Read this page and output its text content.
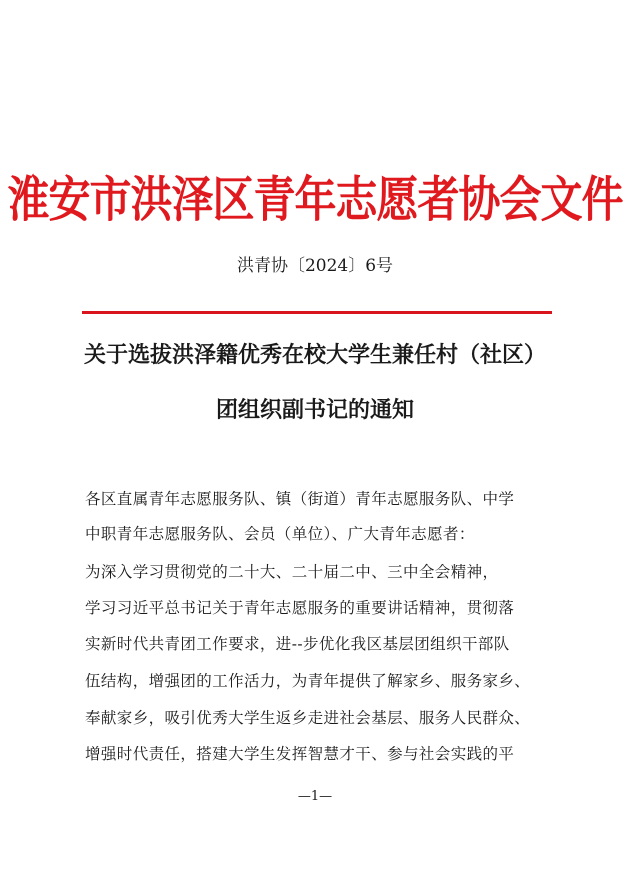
淮安市洪泽区青年志愿者协会文件
洪青协〔2024〕6号
关于选拔洪泽籍优秀在校大学生兼任村（社区）
团组织副书记的通知
各区直属青年志愿服务队、镇（街道）青年志愿服务队、中学
中职青年志愿服务队、会员（单位）、广大青年志愿者：
为深入学习贯彻党的二十大、二十届二中、三中全会精神，
学习习近平总书记关于青年志愿服务的重要讲话精神，贯彻落
实新时代共青团工作要求，进--步优化我区基层团组织干部队
伍结构，增强团的工作活力，为青年提供了解家乡、服务家乡、
奉献家乡，吸引优秀大学生返乡走进社会基层、服务人民群众、
增强时代责任，搭建大学生发挥智慧才干、参与社会实践的平
—1—
